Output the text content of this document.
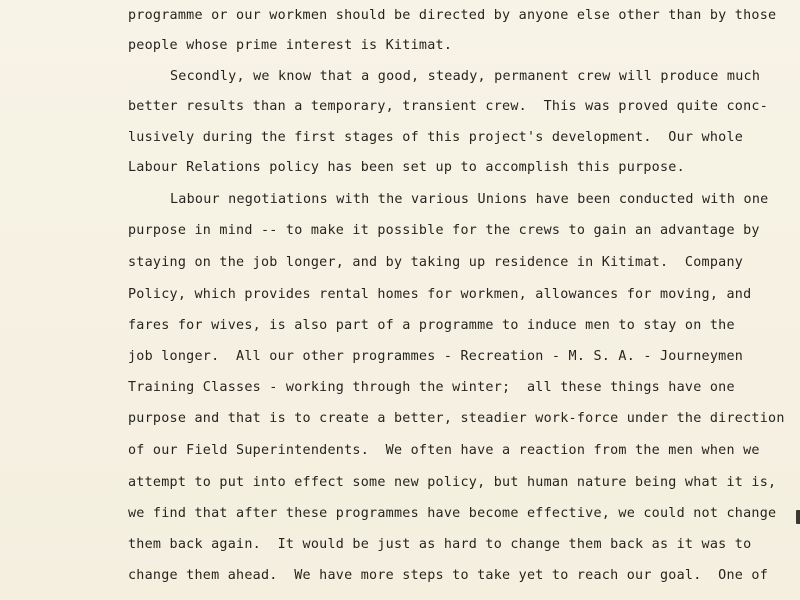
programme or our workmen should be directed by anyone else other than by those
people whose prime interest is Kitimat.
Secondly, we know that a good, steady, permanent crew will produce much
better results than a temporary, transient crew.  This was proved quite conc-
lusively during the first stages of this project's development.  Our whole
Labour Relations policy has been set up to accomplish this purpose.
Labour negotiations with the various Unions have been conducted with one
purpose in mind -- to make it possible for the crews to gain an advantage by
staying on the job longer, and by taking up residence in Kitimat.  Company
Policy, which provides rental homes for workmen, allowances for moving, and
fares for wives, is also part of a programme to induce men to stay on the
job longer.  All our other programmes - Recreation - M. S. A. - Journeymen
Training Classes - working through the winter;  all these things have one
purpose and that is to create a better, steadier work-force under the direction
of our Field Superintendents.  We often have a reaction from the men when we
attempt to put into effect some new policy, but human nature being what it is,
we find that after these programmes have become effective, we could not change
them back again.  It would be just as hard to change them back as it was to
change them ahead.  We have more steps to take yet to reach our goal.  One of
